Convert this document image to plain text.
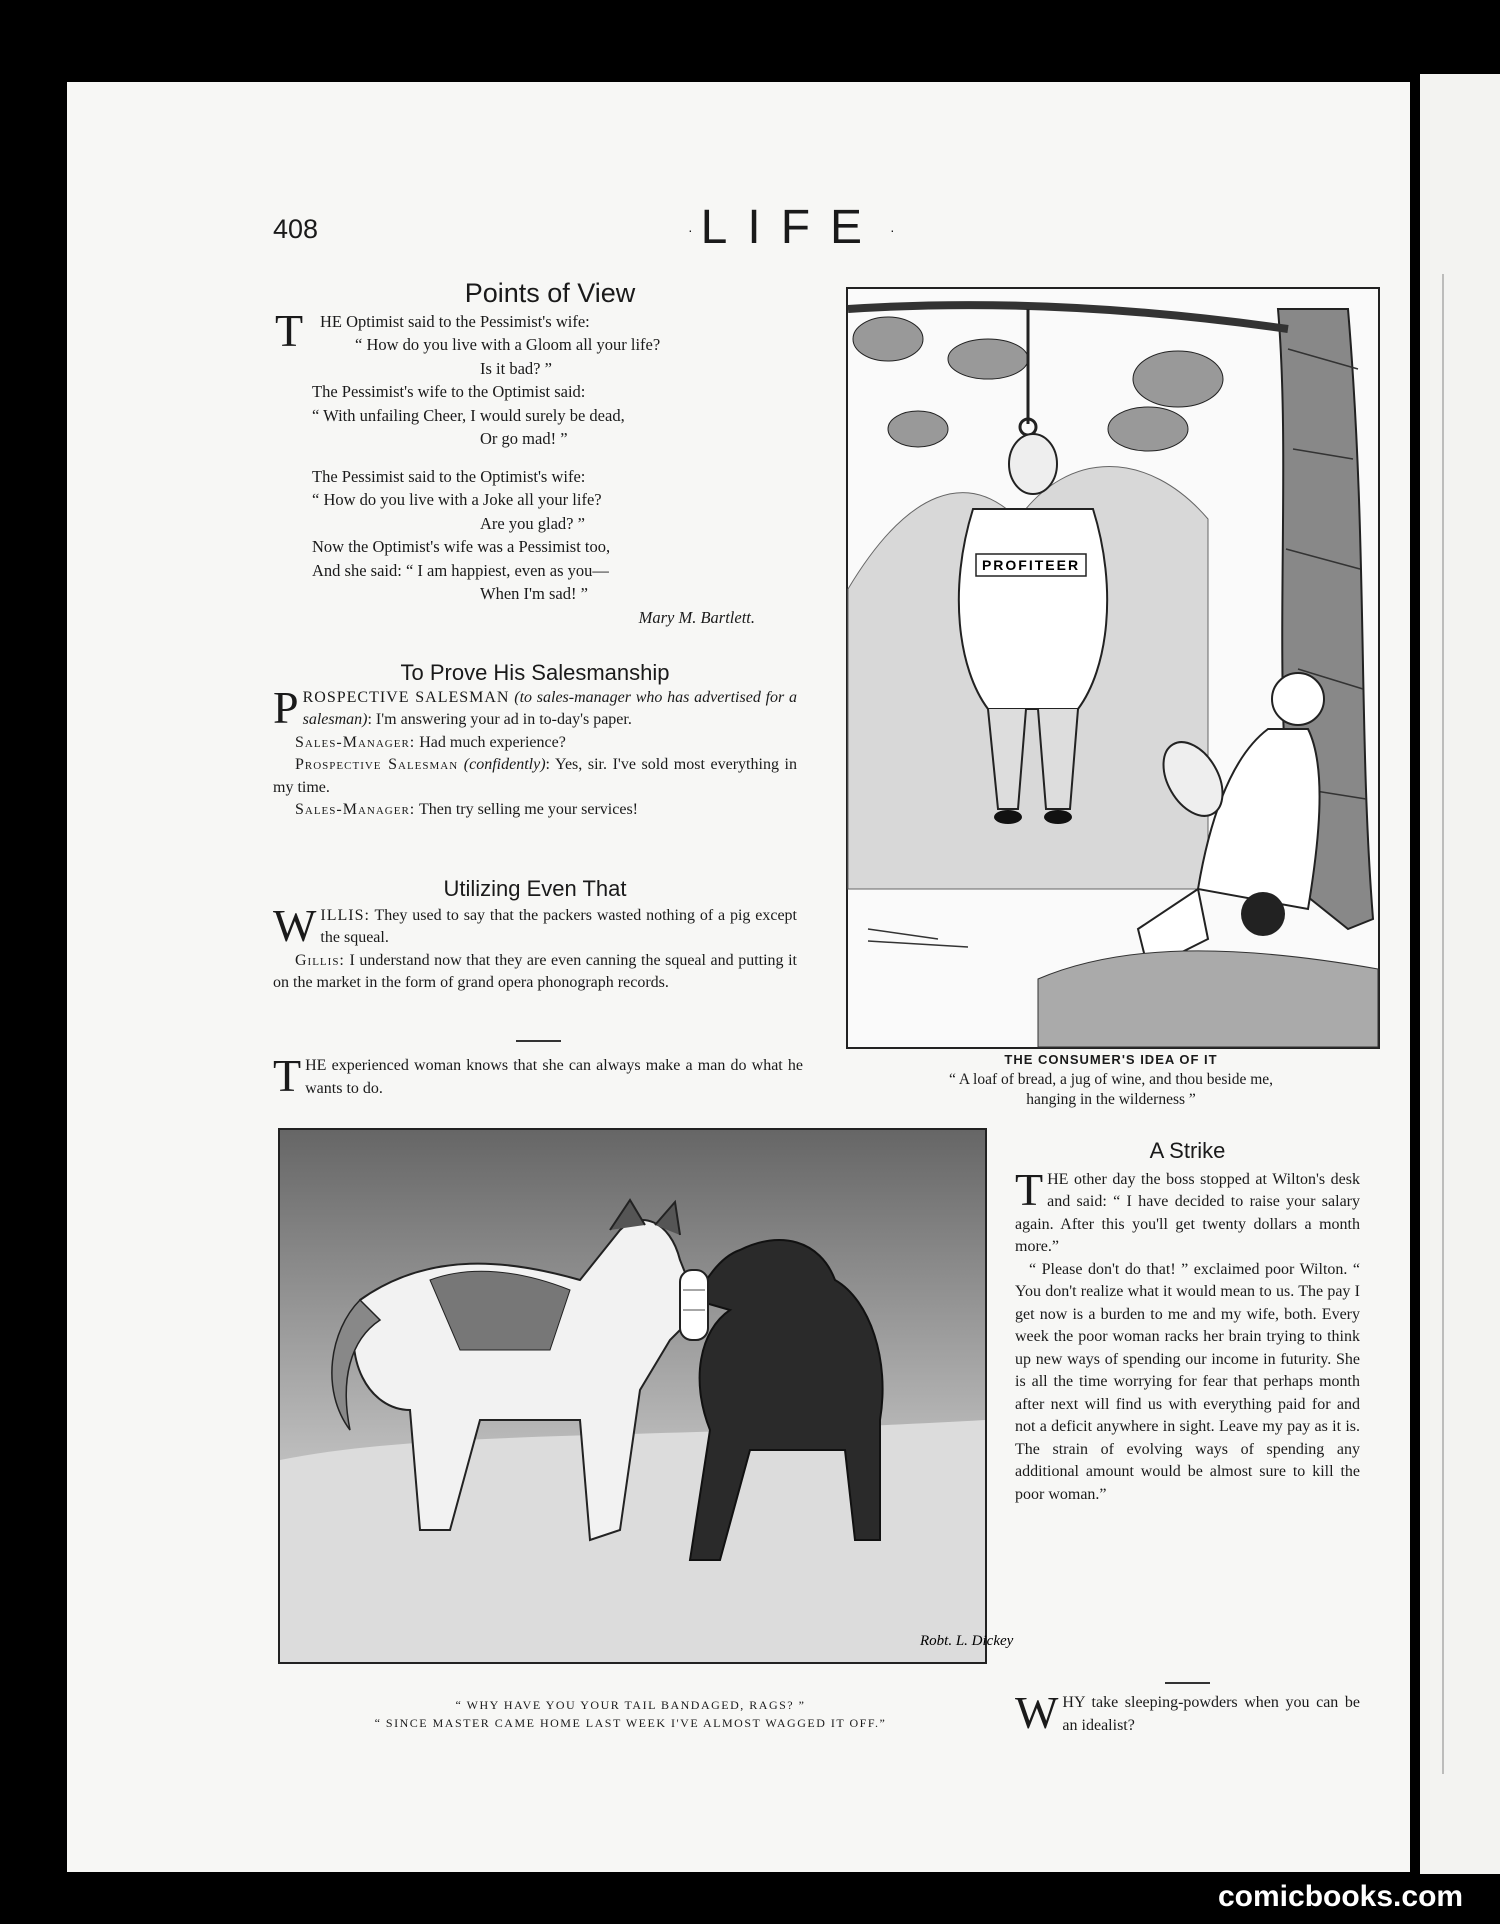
408	· LIFE ·
Points of View

T HE Optimist said to the Pessimist's wife:

“ How do you live with a Gloom all your life?

Is it bad? ”

The Pessimist's wife to the Optimist said:

“ With unfailing Cheer, I would surely be dead,

Or go mad! ”

The Pessimist said to the Optimist's wife:

“ How do you live with a Joke all your life?

Are you glad? ”

Now the Optimist's wife was a Pessimist too,

And she said: “ I am happiest, even as you—

When I'm sad! ”

Mary M. Bartlett.

To Prove His Salesmanship

PROSPECTIVE SALESMAN (to sales-manager who has advertised for a salesman): I'm answering your ad in to-day's paper.

Sales-Manager: Had much experience?

Prospective Salesman (confidently): Yes, sir. I've sold most everything in my time.

Sales-Manager: Then try selling me your services!

Utilizing Even That

WILLIS: They used to say that the packers wasted nothing of a pig except the squeal.

Gillis: I understand now that they are even canning the squeal and putting it on the market in the form of grand opera phonograph records.

THE experienced woman knows that she can always make a man do what he wants to do.

PROFITEER
THE CONSUMER'S IDEA OF IT
“ A loaf of bread, a jug of wine, and thou beside me,
hanging in the wilderness ”
Robt. L. Dickey
“ WHY HAVE YOU YOUR TAIL BANDAGED, RAGS? ”
“ SINCE MASTER CAME HOME LAST WEEK I'VE ALMOST WAGGED IT OFF.”
A Strike

THE other day the boss stopped at Wilton's desk and said: “ I have decided to raise your salary again. After this you'll get twenty dollars a month more.”

“ Please don't do that! ” exclaimed poor Wilton. “ You don't realize what it would mean to us. The pay I get now is a burden to me and my wife, both. Every week the poor woman racks her brain trying to think up new ways of spending our income in futurity. She is all the time worrying for fear that perhaps month after next will find us with everything paid for and not a deficit anywhere in sight. Leave my pay as it is. The strain of evolving ways of spending any additional amount would be almost sure to kill the poor woman.”

WHY take sleeping-powders when you can be an idealist?

comicbooks.com
